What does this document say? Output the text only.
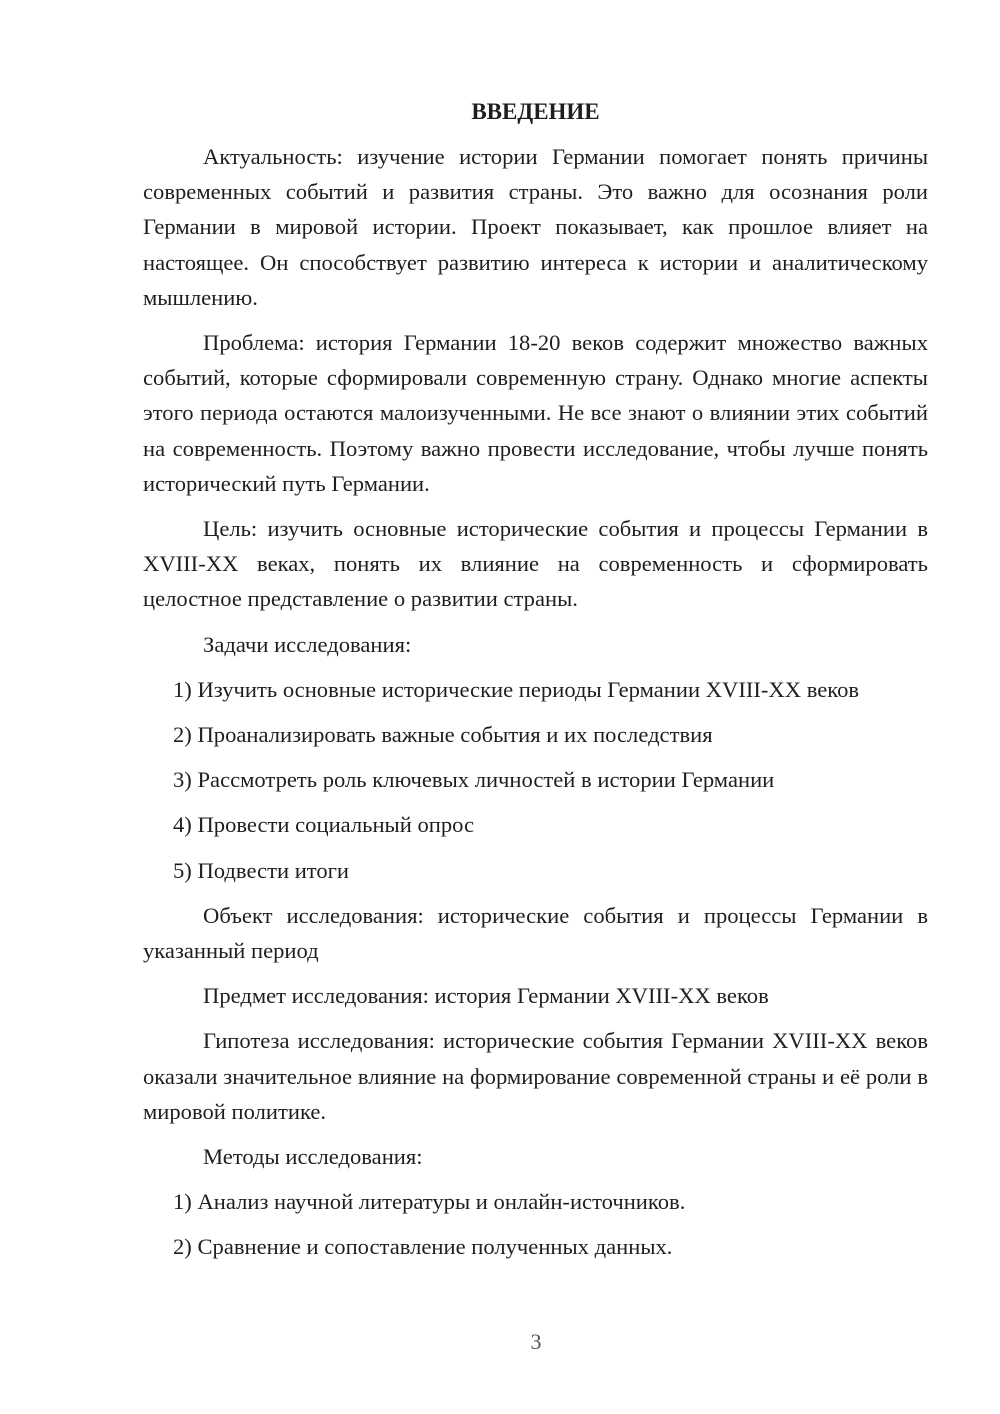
ВВЕДЕНИЕ

Актуальность: изучение истории Германии помогает понять причины современных событий и развития страны. Это важно для осознания роли Германии в мировой истории. Проект показывает, как прошлое влияет на настоящее. Он способствует развитию интереса к истории и аналитическому мышлению.

Проблема: история Германии 18-20 веков содержит множество важных событий, которые сформировали современную страну. Однако многие аспекты этого периода остаются малоизученными. Не все знают о влиянии этих событий на современность. Поэтому важно провести исследование, чтобы лучше понять исторический путь Германии.

Цель: изучить основные исторические события и процессы Германии в XVIII-XX веках, понять их влияние на современность и сформировать целостное представление о развитии страны.

Задачи исследования:

1) Изучить основные исторические периоды Германии XVIII-XX веков

2) Проанализировать важные события и их последствия

3) Рассмотреть роль ключевых личностей в истории Германии

4) Провести социальный опрос

5) Подвести итоги

Объект исследования: исторические события и процессы Германии в указанный период

Предмет исследования: история Германии XVIII-XX веков

Гипотеза исследования: исторические события Германии XVIII-XX веков оказали значительное влияние на формирование современной страны и её роли в мировой политике.

Методы исследования:

1) Анализ научной литературы и онлайн-источников.

2) Сравнение и сопоставление полученных данных.

3
